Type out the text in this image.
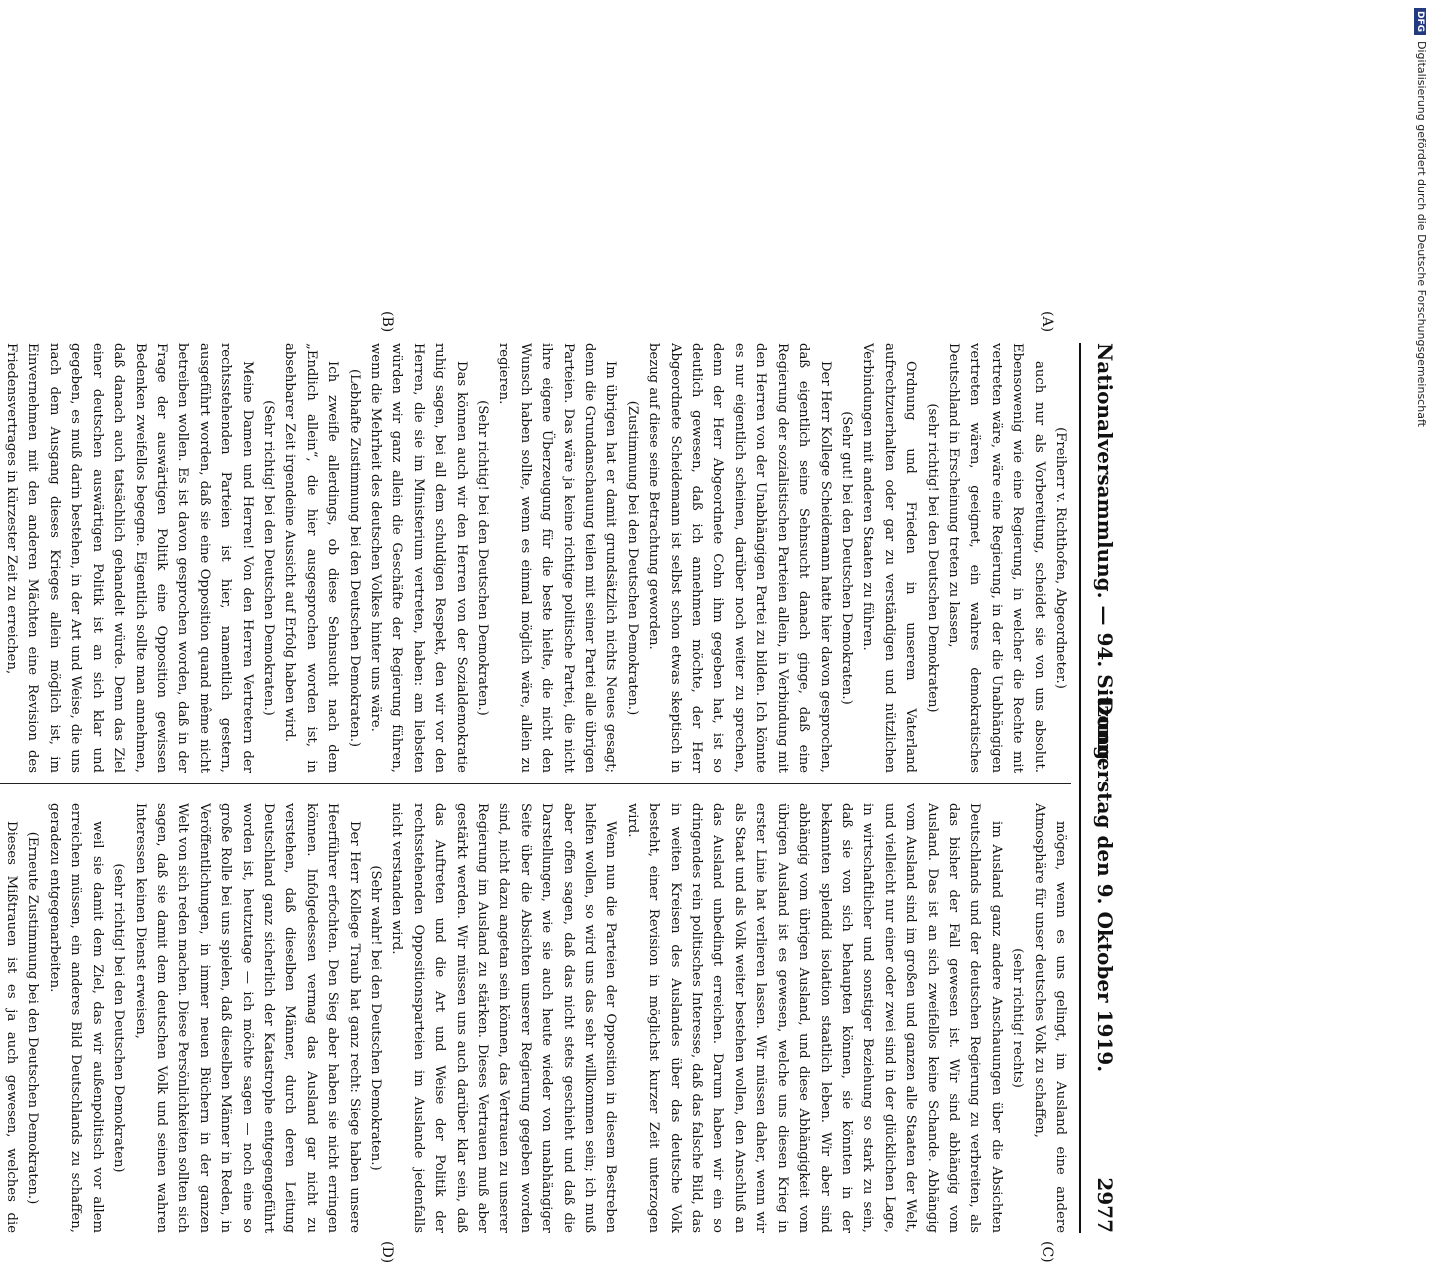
Nationalversammlung. — 94. Sitzung.
Donnerstag den 9. Oktober 1919.
2977
(A)
(B)
(C)
(D)

(Freiherr v. Richthofen, Abgeordneter.)

auch nur als Vorbereitung, scheidet sie von uns absolut. Ebensowenig wie eine Regierung, in welcher die Rechte mit vertreten wäre, wäre eine Regierung, in der die Unabhängigen vertreten wären, geeignet, ein wahres demokratisches Deutschland in Erscheinung treten zu lassen,

(sehr richtig! bei den Deutschen Demokraten)

Ordnung und Frieden in unserem Vaterland aufrechtzuerhalten oder gar zu verständigen und nützlichen Verbindungen mit anderen Staaten zu führen.

(Sehr gut! bei den Deutschen Demokraten.)

Der Herr Kollege Scheidemann hatte hier davon gesprochen, daß eigentlich seine Sehnsucht danach ginge, daß eine Regierung der sozialistischen Parteien allein, in Verbindung mit den Herren von der Unabhängigen Partei zu bilden. Ich könnte es nur eigentlich scheinen, darüber noch weiter zu sprechen, denn der Herr Abgeordnete Cohn ihm gegeben hat, ist so deutlich gewesen, daß ich annehmen möchte, der Herr Abgeordnete Scheidemann ist selbst schon etwas skeptisch in bezug auf diese seine Betrachtung geworden.

(Zustimmung bei den Deutschen Demokraten.)

Im übrigen hat er damit grundsätzlich nichts Neues gesagt; denn die Grundanschauung teilen mit seiner Partei alle übrigen Parteien. Das wäre ja keine richtige politische Partei, die nicht ihre eigene Überzeugung für die beste hielte, die nicht den Wunsch haben sollte, wenn es einmal möglich wäre, allein zu regieren.

(Sehr richtig! bei den Deutschen Demokraten.)

Das können auch wir den Herren von der Sozialdemokratie ruhig sagen, bei all dem schuldigen Respekt, den wir vor den Herren, die sie im Ministerium vertreten, haben: am liebsten würden wir ganz allein die Geschäfte der Regierung führen, wenn die Mehrheit des deutschen Volkes hinter uns wäre.

(Lebhafte Zustimmung bei den Deutschen Demokraten.)

Ich zweifle allerdings, ob diese Sehnsucht nach dem „Endlich allein“, die hier ausgesprochen worden ist, in absehbarer Zeit irgendeine Aussicht auf Erfolg haben wird.

(Sehr richtig! bei den Deutschen Demokraten.)

Meine Damen und Herren! Von den Herren Vertretern der rechtsstehenden Parteien ist hier, namentlich gestern, ausgeführt worden, daß sie eine Opposition quand même nicht betreiben wollen. Es ist davon gesprochen worden, daß in der Frage der auswärtigen Politik eine Opposition gewissen Bedenken zweifellos begegne. Eigentlich sollte man annehmen, daß danach auch tatsächlich gehandelt würde. Denn das Ziel einer deutschen auswärtigen Politik ist an sich klar und gegeben, es muß darin bestehen, in der Art und Weise, die uns nach dem Ausgang dieses Krieges allein möglich ist, im Einvernehmen mit den anderen Mächten eine Revision des Friedensvertrages in kürzester Zeit zu erreichen,

mögen, wenn es uns gelingt, im Ausland eine andere Atmosphäre für unser deutsches Volk zu schaffen,

(sehr richtig! rechts)

im Ausland ganz andere Anschauungen über die Absichten Deutschlands und der deutschen Regierung zu verbreiten, als das bisher der Fall gewesen ist. Wir sind abhängig vom Ausland. Das ist an sich zweifellos keine Schande. Abhängig vom Ausland sind im großen und ganzen alle Staaten der Welt, und vielleicht nur einer oder zwei sind in der glücklichen Lage, in wirtschaftlicher und sonstiger Beziehung so stark zu sein, daß sie von sich behaupten können, sie könnten in der bekannten splendid isolation staatlich leben. Wir aber sind abhängig vom übrigen Ausland, und diese Abhängigkeit vom übrigen Ausland ist es gewesen, welche uns diesen Krieg in erster Linie hat verlieren lassen. Wir müssen daher, wenn wir als Staat und als Volk weiter bestehen wollen, den Anschluß an das Ausland unbedingt erreichen. Darum haben wir ein so dringendes rein politisches Interesse, daß das falsche Bild, das in weiten Kreisen des Auslandes über das deutsche Volk besteht, einer Revision in möglichst kurzer Zeit unterzogen wird.

Wenn nun die Parteien der Opposition in diesem Bestreben helfen wollen, so wird uns das sehr willkommen sein; ich muß aber offen sagen, daß das nicht stets geschieht und daß die Darstellungen, wie sie auch heute wieder von unabhängiger Seite über die Absichten unserer Regierung gegeben worden sind, nicht dazu angetan sein können, das Vertrauen zu unserer Regierung im Ausland zu stärken. Dieses Vertrauen muß aber gestärkt werden. Wir müssen uns auch darüber klar sein, daß das Auftreten und die Art und Weise der Politik der rechtsstehenden Oppositionsparteien im Auslande jedenfalls nicht verstanden wird.

(Sehr wahr! bei den Deutschen Demokraten.)

Der Herr Kollege Traub hat ganz recht: Siege haben unsere Heerführer erfochten. Den Sieg aber haben sie nicht erringen können. Infolgedessen vermag das Ausland gar nicht zu verstehen, daß dieselben Männer, durch deren Leitung Deutschland ganz sicherlich der Katastrophe entgegengeführt worden ist, heutzutage — ich möchte sagen — noch eine so große Rolle bei uns spielen, daß dieselben Männer in Reden, in Veröffentlichungen, in immer neuen Büchern in der ganzen Welt von sich reden machen. Diese Persönlichkeiten sollten sich sagen, daß sie damit dem deutschen Volk und seinen wahren Interessen keinen Dienst erweisen,

(sehr richtig! bei den Deutschen Demokraten)

weil sie damit dem Ziel, das wir außenpolitisch vor allem erreichen müssen, ein anderes Bild Deutschlands zu schaffen, geradezu entgegenarbeiten.

(Erneute Zustimmung bei den Deutschen Demokraten.)

Dieses Mißtrauen ist es ja auch gewesen, welches die

DFGDigitalisierung gefördert durch die Deutsche Forschungsgemeinschaft
